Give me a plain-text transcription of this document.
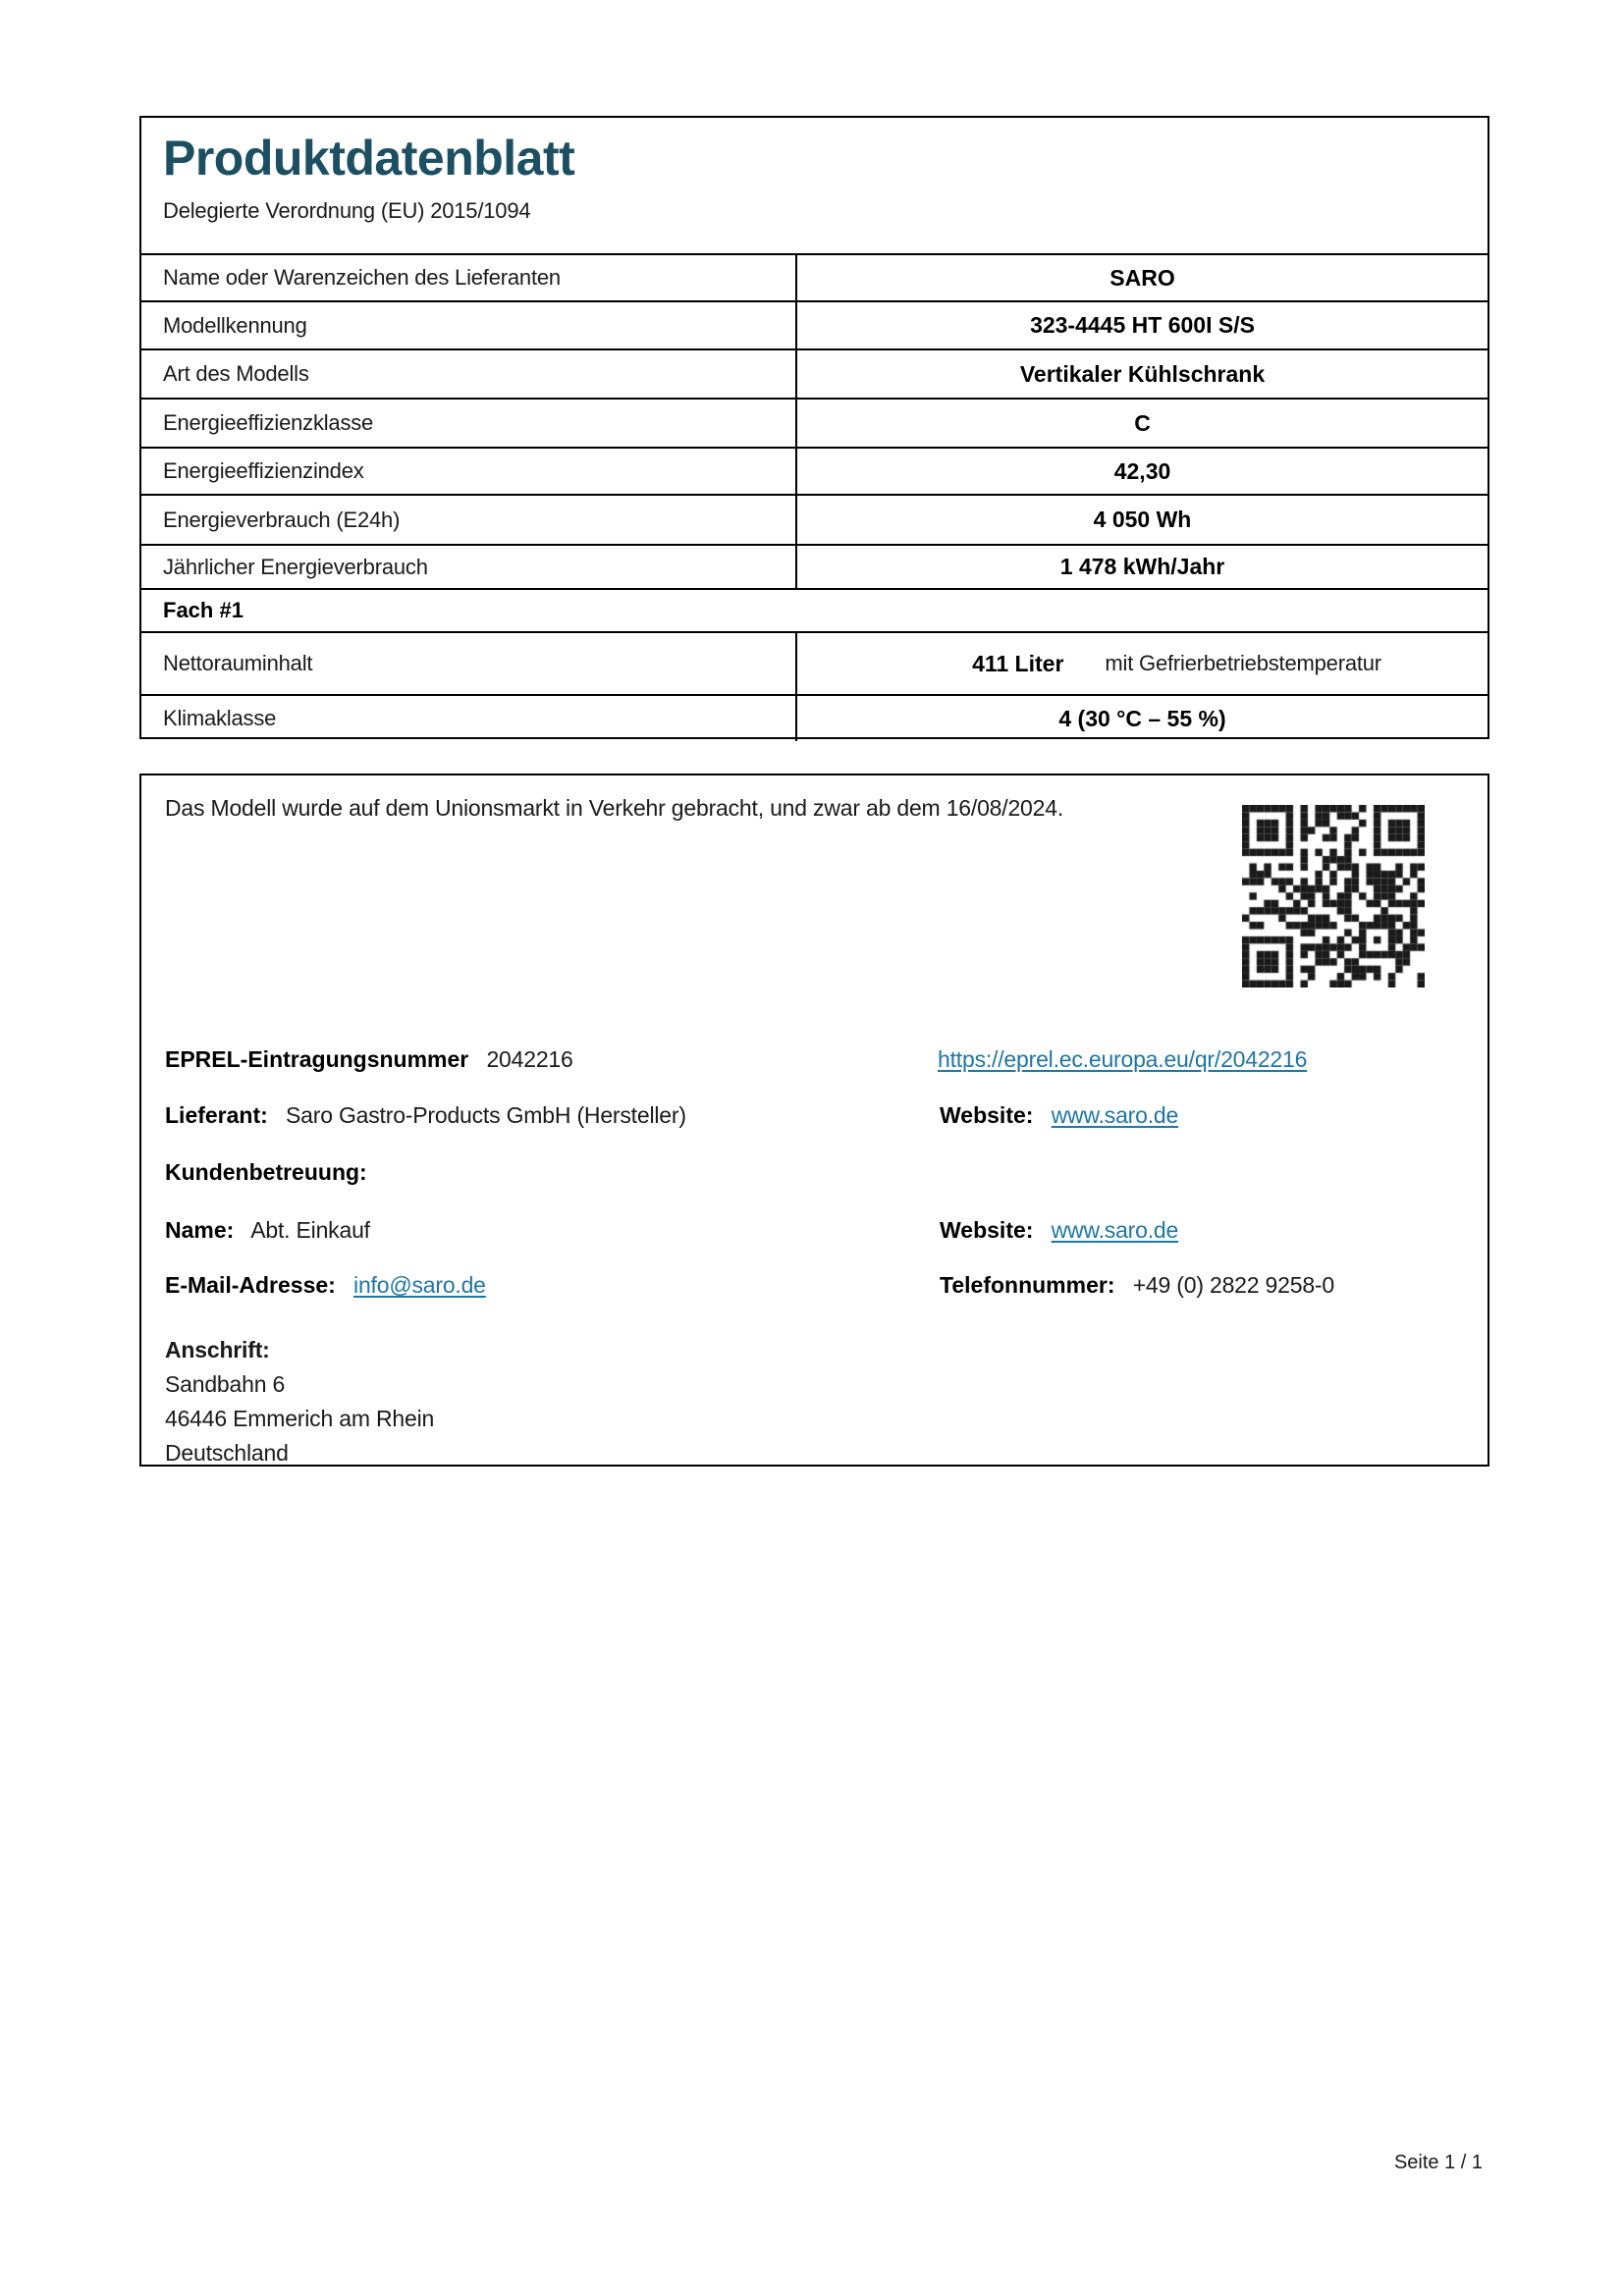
Produktdatenblatt

Delegierte Verordnung (EU) 2015/1094

Name oder Warenzeichen des Lieferanten	SARO
Modellkennung	323-4445 HT 600I S/S
Art des Modells	Vertikaler Kühlschrank
Energieeffizienzklasse	C
Energieeffizienzindex	42,30
Energieverbrauch (E24h)	4 050 Wh
Jährlicher Energieverbrauch	1 478 kWh/Jahr
Fach #1
Nettorauminhalt	411 Liter mit Gefrierbetriebstemperatur
Klimaklasse	4 (30 °C – 55 %)
Das Modell wurde auf dem Unionsmarkt in Verkehr gebracht, und zwar ab dem 16/08/2024.
EPREL-Eintragungsnummer 2042216	https://eprel.ec.europa.eu/qr/2042216
Lieferant: Saro Gastro-Products GmbH (Hersteller)	Website: www.saro.de
Kundenbetreuung:
Name: Abt. Einkauf	Website: www.saro.de
E-Mail-Adresse: info@saro.de	Telefonnummer: +49 (0) 2822 9258-0
Anschrift:
Sandbahn 6
46446 Emmerich am Rhein
Deutschland
Seite 1 / 1
